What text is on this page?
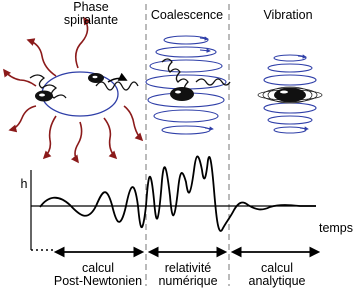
Phase
spiralante	Coalescence	Vibration
h
temps
calcul
Post-Newtonien
relativité
numérique
calcul
analytique
